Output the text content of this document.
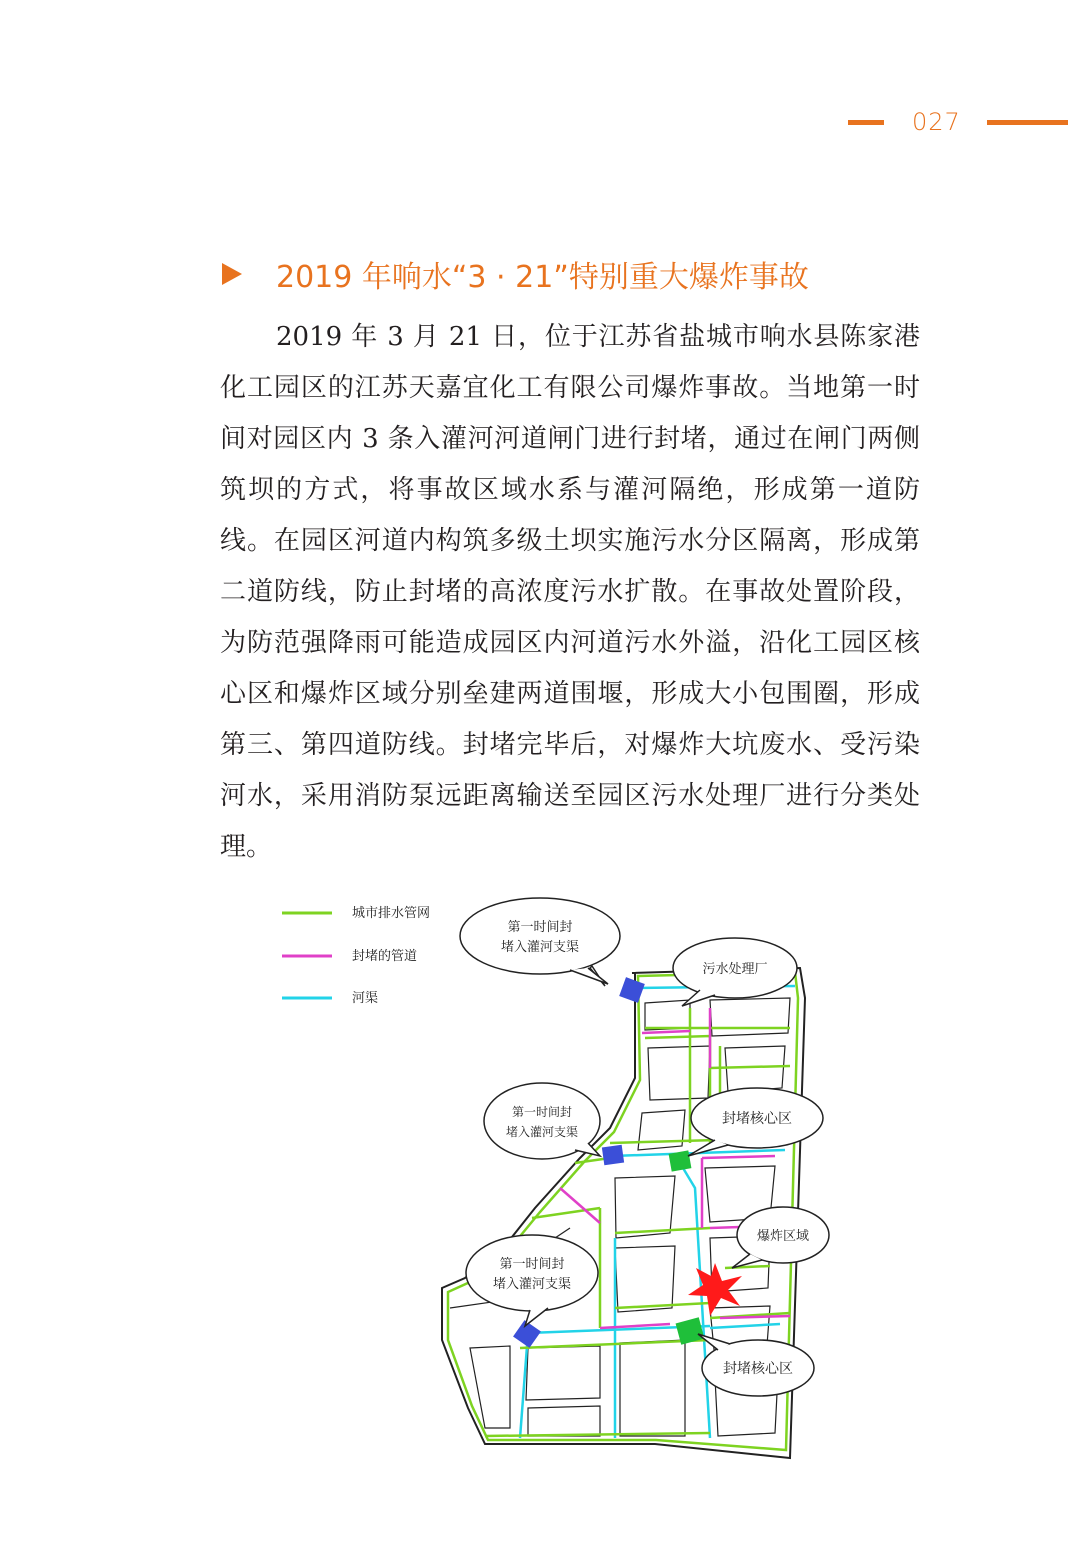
027
2019 年响水“3 · 21”特别重大爆炸事故

2019 年 3 月 21 日，位于江苏省盐城市响水县陈家港化工园区的江苏天嘉宜化工有限公司爆炸事故。当地第一时间对园区内 3 条入灌河河道闸门进行封堵，通过在闸门两侧筑坝的方式，将事故区域水系与灌河隔绝，形成第一道防线。在园区河道内构筑多级土坝实施污水分区隔离，形成第二道防线，防止封堵的高浓度污水扩散。在事故处置阶段，为防范强降雨可能造成园区内河道污水外溢，沿化工园区核心区和爆炸区域分别垒建两道围堰，形成大小包围圈，形成第三、第四道防线。封堵完毕后，对爆炸大坑废水、受污染河水，采用消防泵远距离输送至园区污水处理厂进行分类处理。

城市排水管网
封堵的管道
河渠
第一时间封
堵入灌河支渠
污水处理厂
第一时间封
堵入灌河支渠
封堵核心区
爆炸区域
第一时间封
堵入灌河支渠
封堵核心区
